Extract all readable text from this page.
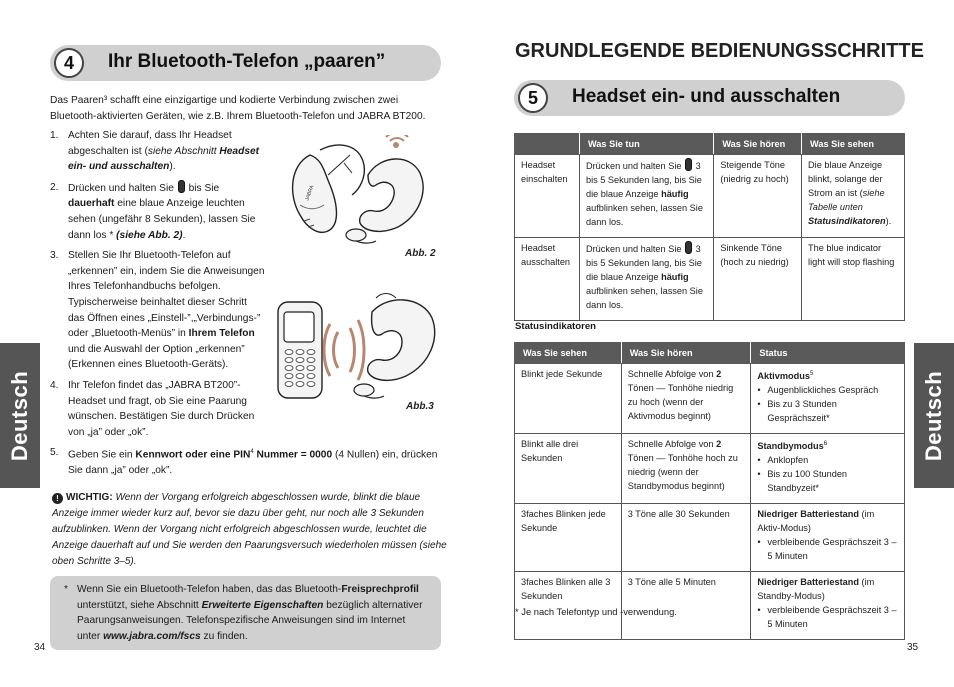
4	Ihr Bluetooth-Telefon „paaren”
Das Paaren³ schafft eine einzigartige und kodierte Verbindung zwischen zwei Bluetooth-aktivierten Geräten, wie z.B. Ihrem Bluetooth-Telefon und JABRA BT200.
1. Achten Sie darauf, dass Ihr Headset abgeschalten ist (siehe Abschnitt Headset ein- und ausschalten).
2. Drücken und halten Sie bis Sie dauerhaft eine blaue Anzeige leuchten sehen (ungefähr 8 Sekunden), lassen Sie dann los * (siehe Abb. 2).
3. Stellen Sie Ihr Bluetooth-Telefon auf „erkennen” ein, indem Sie die Anweisungen Ihres Telefonhandbuchs befolgen. Typischerweise beinhaltet dieser Schritt das Öffnen eines „Einstell-”,„Verbindungs-” oder „Bluetooth-Menüs” in Ihrem Telefon und die Auswahl der Option „erkennen” (Erkennen eines Bluetooth-Geräts).
4. Ihr Telefon findet das „JABRA BT200”-Headset und fragt, ob Sie eine Paarung wünschen. Bestätigen Sie durch Drücken von „ja” oder „ok”.
5. Geben Sie ein Kennwort oder eine PIN$^4$ Nummer = 0000 (4 Nullen) ein, drücken Sie dann „ja” oder „ok”.
JABRA
Abb. 2
Abb.3
! WICHTIG: Wenn der Vorgang erfolgreich abgeschlossen wurde, blinkt die blaue Anzeige immer wieder kurz auf, bevor sie dazu über geht, nur noch alle 3 Sekunden aufzublinken. Wenn der Vorgang nicht erfolgreich abgeschlossen wurde, leuchtet die Anzeige dauerhaft auf und Sie werden den Paarungsversuch wiederholen müssen (siehe oben Schritte 3–5).
* Wenn Sie ein Bluetooth-Telefon haben, das das Bluetooth-Freisprechprofil unterstützt, siehe Abschnitt Erweiterte Eigenschaften bezüglich alternativer Paarungsanweisungen. Telefonspezifische Anweisungen sind im Internet unter www.jabra.com/fscs zu finden.
34
Deutsch
GRUNDLEGENDE BEDIENUNGSSCHRITTE
5	Headset ein- und ausschalten
	Was Sie tun	Was Sie hören	Was Sie sehen
Headset einschalten	Drücken und halten Sie 3 bis 5 Sekunden lang, bis Sie die blaue Anzeige häufig aufblinken sehen, lassen Sie dann los.	Steigende Töne (niedrig zu hoch)	Die blaue Anzeige blinkt, solange der Strom an ist (siehe Tabelle unten Statusindikatoren).
Headset ausschalten	Drücken und halten Sie 3 bis 5 Sekunden lang, bis Sie die blaue Anzeige häufig aufblinken sehen, lassen Sie dann los.	Sinkende Töne (hoch zu niedrig)	The blue indicator light will stop flashing
Statusindikatoren
Was Sie sehen	Was Sie hören	Status
Blinkt jede Sekunde	Schnelle Abfolge von 2 Tönen — Tonhöhe niedrig zu hoch (wenn der Aktivmodus beginnt)	Aktivmodus$^5$
• Augenblickliches Gespräch
• Bis zu 3 Stunden Gesprächszeit*

Blinkt alle drei Sekunden	Schnelle Abfolge von 2 Tönen — Tonhöhe hoch zu niedrig (wenn der Standbymodus beginnt)	Standbymodus$^6$
• Anklopfen
• Bis zu 100 Stunden Standbyzeit*

3faches Blinken jede Sekunde	3 Töne alle 30 Sekunden	Niedriger Batteriestand (im Aktiv-Modus)
• verbleibende Gesprächszeit 3 – 5 Minuten

3faches Blinken alle 3 Sekunden	3 Töne alle 5 Minuten	Niedriger Batteriestand (im Standby-Modus)
• verbleibende Gesprächszeit 3 – 5 Minuten
* Je nach Telefontyp und -verwendung.
35
Deutsch
